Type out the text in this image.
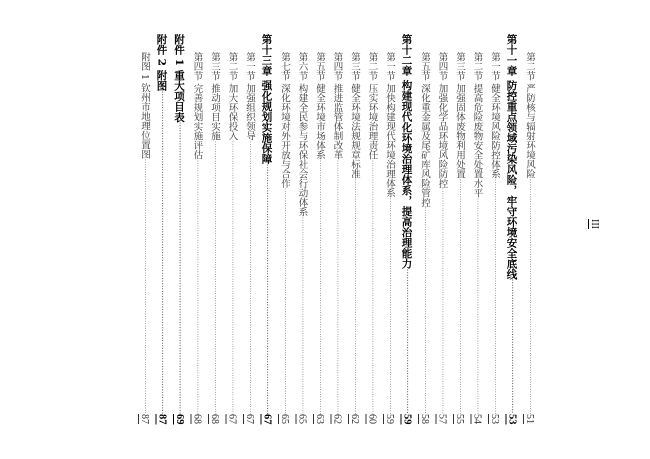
第二节 严防核与辐射环境风险
·····
51
第十一章 防控重点领域污染风险，牢守环境安全底线
·····
53
第一节 健全环境风险防控体系
·····
53
第二节 提高危险废物安全处置水平
·····
54
第三节 加强固体废物利用处置
·····
55
第四节 加强化学品环境风险防控
·····
57
第五节 深化重金属及尾矿库风险管控
·····
58
第十二章 构建现代化环境治理体系，提高治理能力
·····
59
第一节 加快构建现代环境治理体系
·····
59
第二节 压实环境治理责任
·····
60
第三节 健全环境法规规章标准
·····
62
第四节 推进监管体制改革
·····
62
第五节 健全环境市场体系
·····
63
第六节 构建全民参与环保社会行动体系
·····
65
第七节 深化环境对外开放与合作
·····
65
第十三章 强化规划实施保障
·····
67
第一节 加强组织领导
·····
67
第二节 加大环保投入
·····
67
第三节 推动项目实施
·····
68
第四节 完善规划实施评估
·····
68
附件 1 重大项目表
·····
69
附件 2 附图
·····
87
附图 1 钦州市地理位置图
·····
87
III
